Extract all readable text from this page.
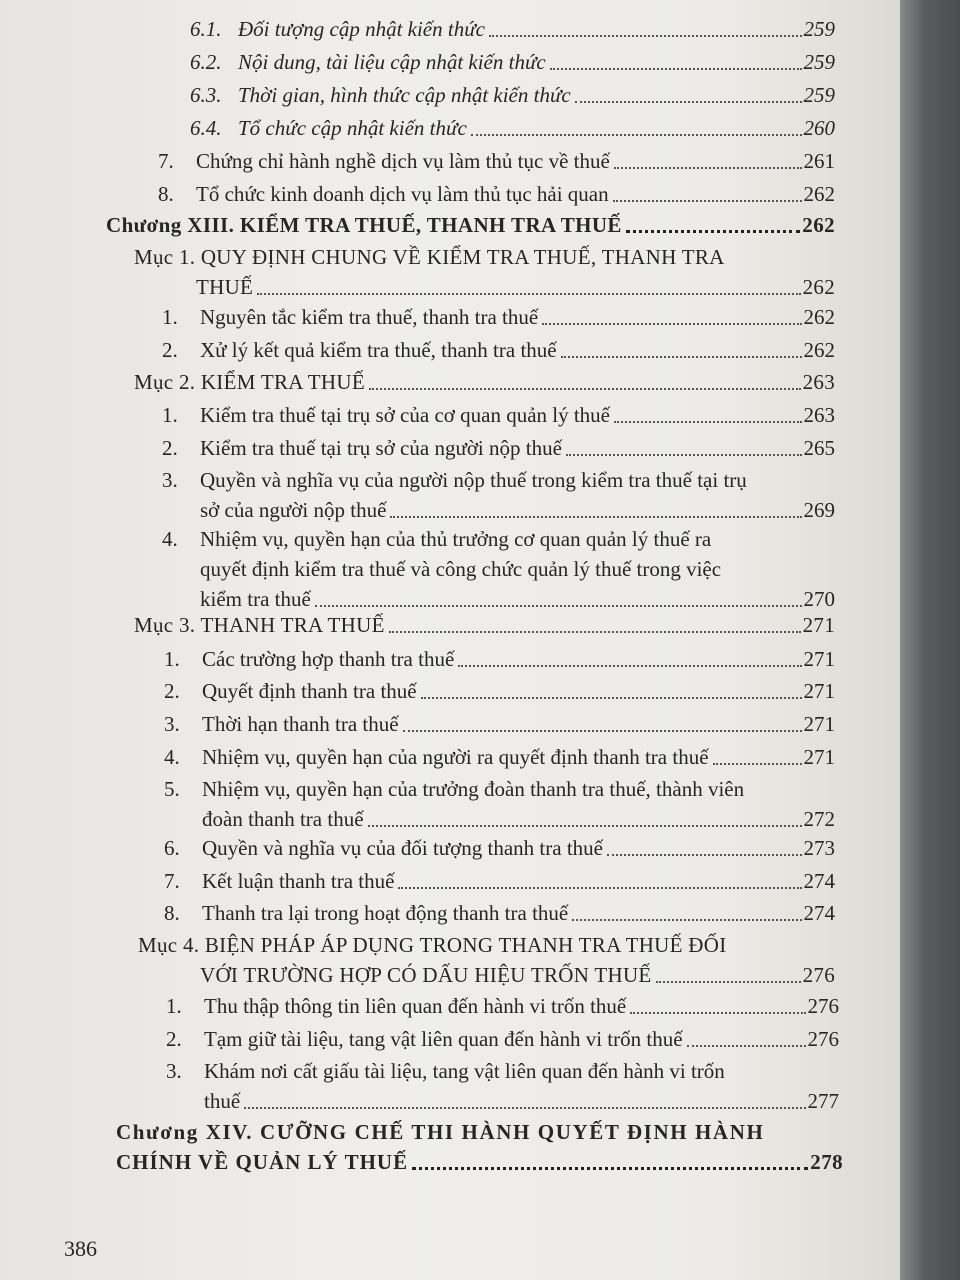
6.1. Đối tượng cập nhật kiến thức	259
6.2. Nội dung, tài liệu cập nhật kiến thức	259
6.3. Thời gian, hình thức cập nhật kiến thức	259
6.4. Tổ chức cập nhật kiến thức	260
7.	Chứng chỉ hành nghề dịch vụ làm thủ tục về thuế	261
8.	Tổ chức kinh doanh dịch vụ làm thủ tục hải quan	262
Chương XIII. KIỂM TRA THUẾ, THANH TRA THUẾ	262
Mục 1. QUY ĐỊNH CHUNG VỀ KIỂM TRA THUẾ, THANH TRA
THUẾ	262
1.	Nguyên tắc kiểm tra thuế, thanh tra thuế	262
2.	Xử lý kết quả kiểm tra thuế, thanh tra thuế	262
Mục 2. KIỂM TRA THUẾ	263
1.	Kiểm tra thuế tại trụ sở của cơ quan quản lý thuế	263
2.	Kiểm tra thuế tại trụ sở của người nộp thuế	265
3. Quyền và nghĩa vụ của người nộp thuế trong kiểm tra thuế tại trụ
sở của người nộp thuế	269
4. Nhiệm vụ, quyền hạn của thủ trưởng cơ quan quản lý thuế ra
quyết định kiểm tra thuế và công chức quản lý thuế trong việc
kiểm tra thuế	270
Mục 3. THANH TRA THUẾ	271
1.	Các trường hợp thanh tra thuế	271
2.	Quyết định thanh tra thuế	271
3.	Thời hạn thanh tra thuế	271
4.	Nhiệm vụ, quyền hạn của người ra quyết định thanh tra thuế	271
5. Nhiệm vụ, quyền hạn của trưởng đoàn thanh tra thuế, thành viên
đoàn thanh tra thuế	272
6.	Quyền và nghĩa vụ của đối tượng thanh tra thuế	273
7.	Kết luận thanh tra thuế	274
8.	Thanh tra lại trong hoạt động thanh tra thuế	274
Mục 4. BIỆN PHÁP ÁP DỤNG TRONG THANH TRA THUẾ ĐỐI
VỚI TRƯỜNG HỢP CÓ DẤU HIỆU TRỐN THUẾ	276
1.	Thu thập thông tin liên quan đến hành vi trốn thuế	276
2.	Tạm giữ tài liệu, tang vật liên quan đến hành vi trốn thuế	276
3. Khám nơi cất giấu tài liệu, tang vật liên quan đến hành vi trốn
thuế	277
Chương XIV. CƯỠNG CHẾ THI HÀNH QUYẾT ĐỊNH HÀNH
CHÍNH VỀ QUẢN LÝ THUẾ	278
386
